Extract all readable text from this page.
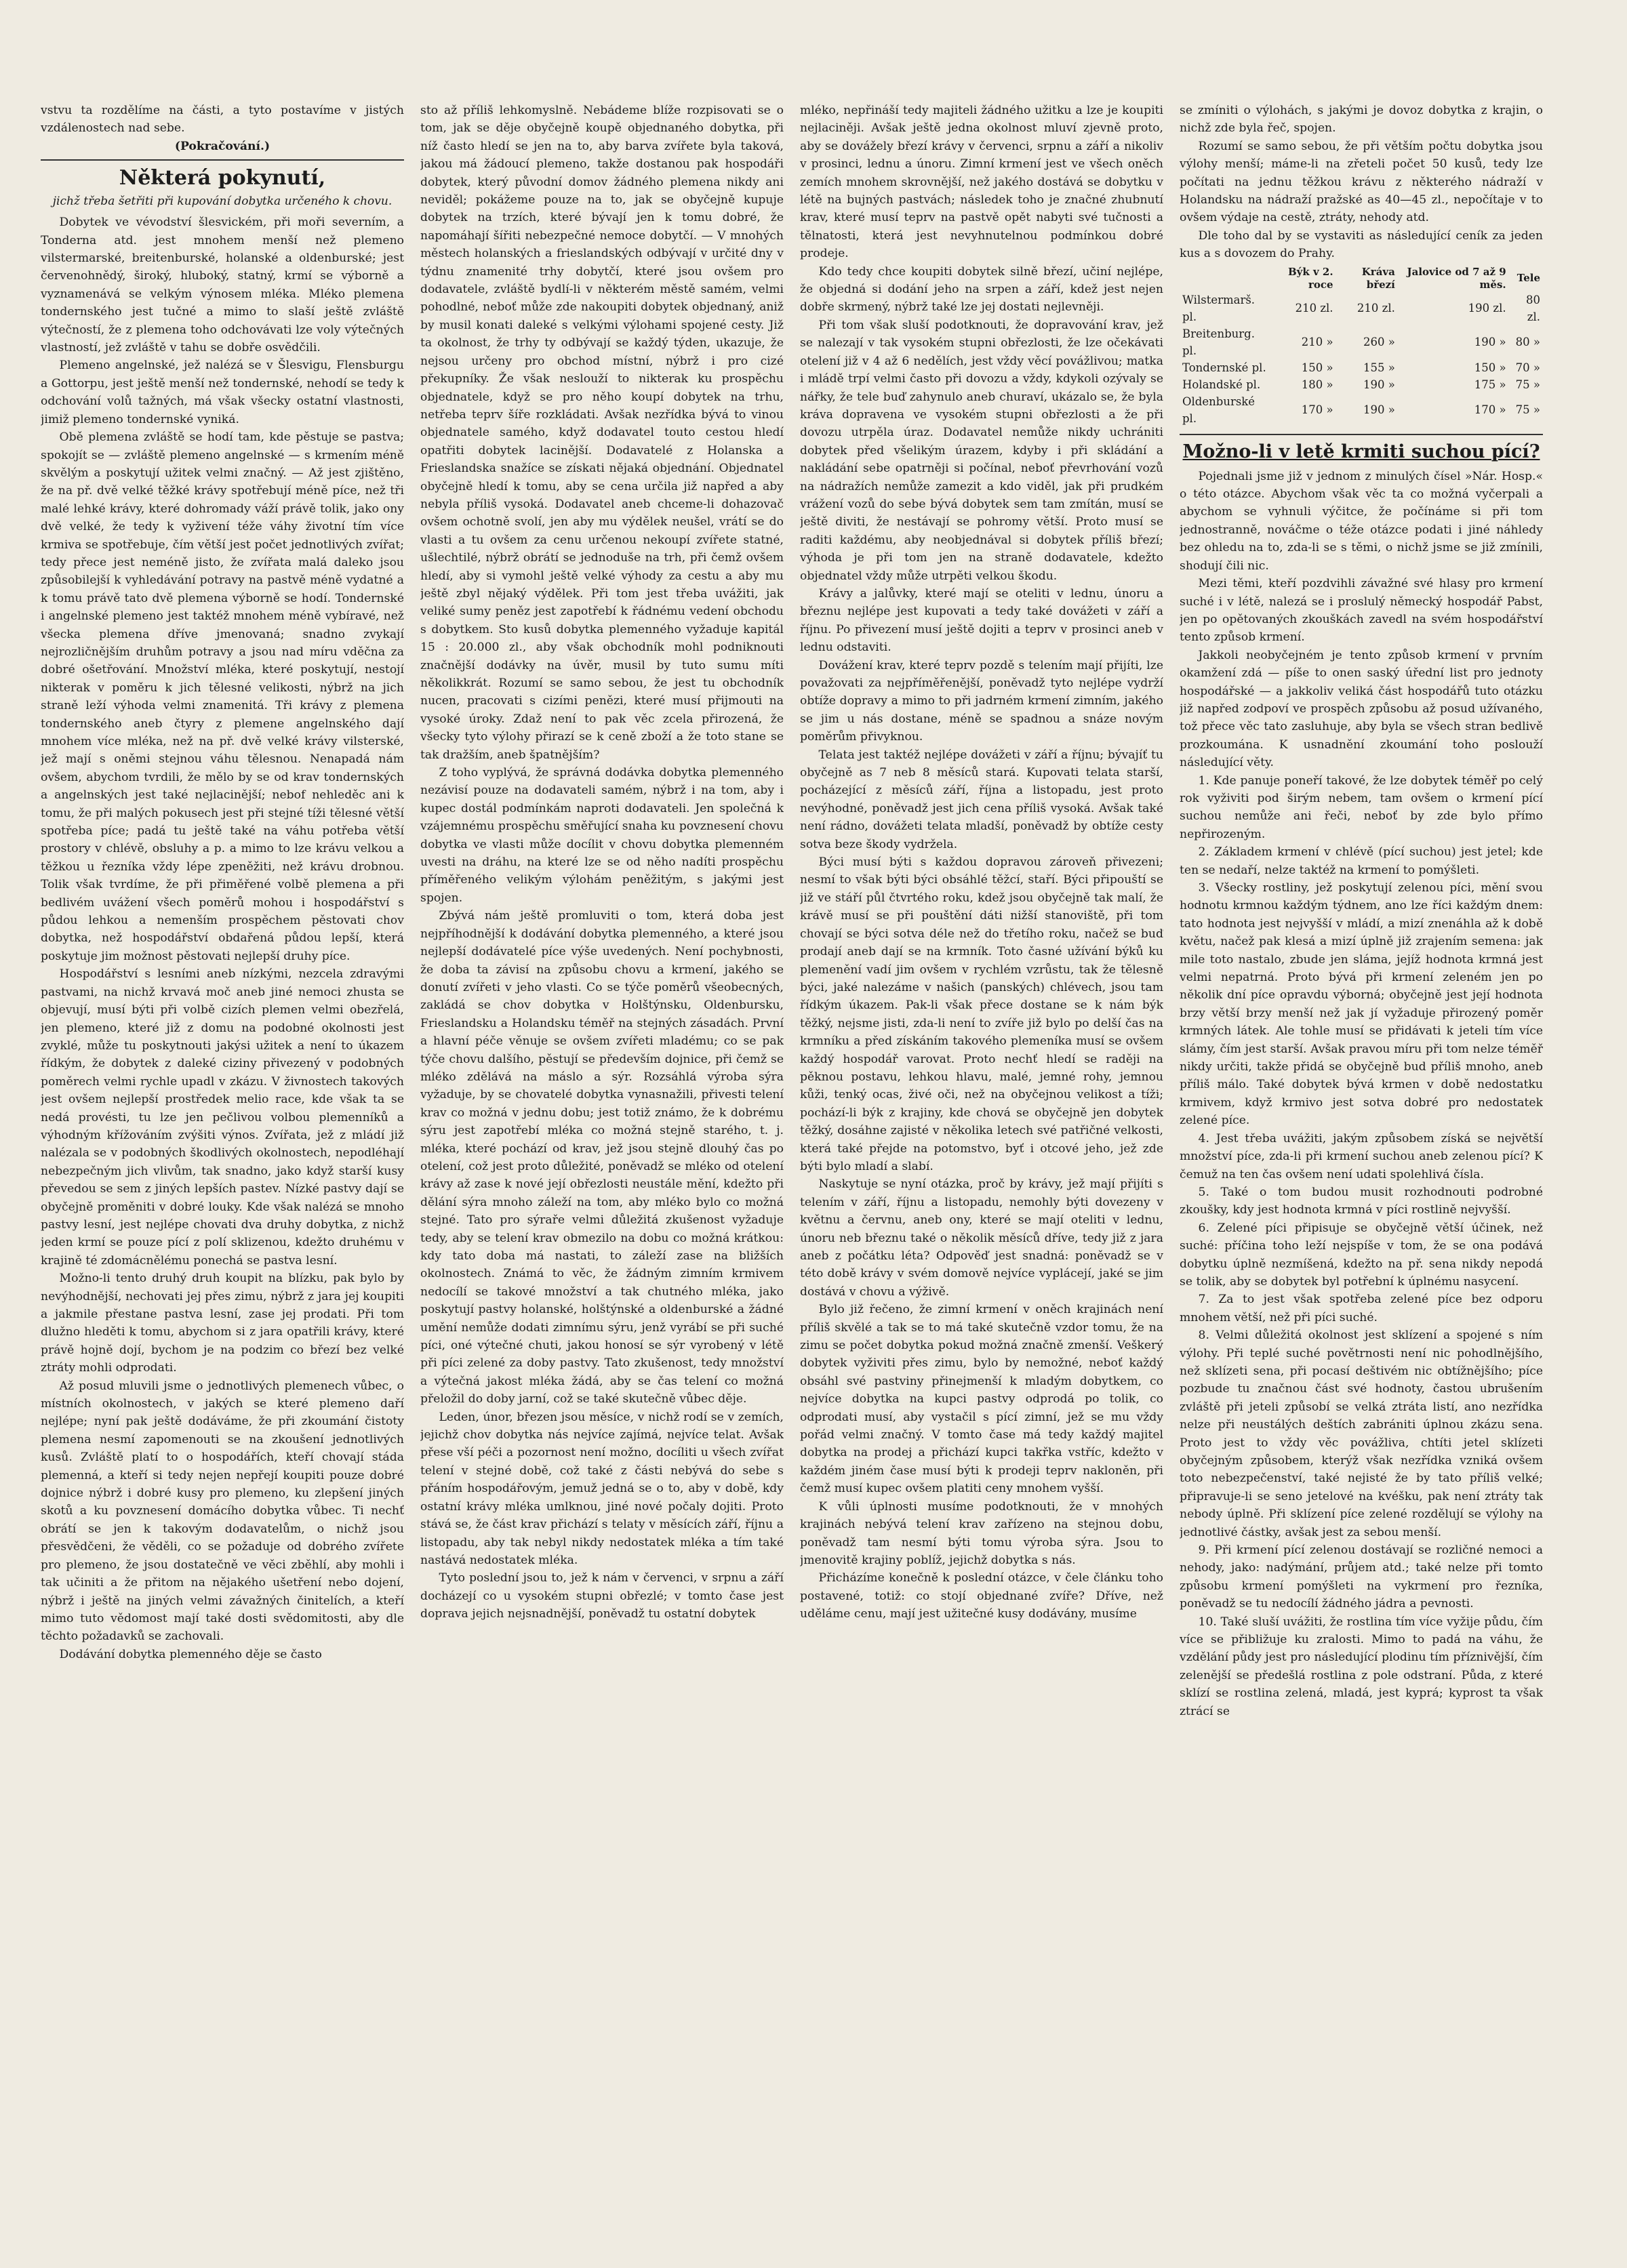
vstvu ta rozdělíme na části, a tyto postavíme v jistých vzdálenostech nad sebe.

(Pokračování.)
Některá pokynutí,
jichž třeba šetřiti při kupování dobytka určeného k chovu.

Dobytek ve vévodství šlesvickém, při moři severním, a Tonderna atd. jest mnohem menší než plemeno vilstermarské, breitenburské, holanské a oldenburské; jest červenohnědý, široký, hluboký, statný, krmí se výborně a vyznamenává se velkým výnosem mléka. Mléko plemena tondernského jest tučné a mimo to slaší ještě zvláště výtečností, že z plemena toho odchovávati lze voly výtečných vlastností, jež zvláště v tahu se dobře osvědčili.

Plemeno angelnské, jež nalézá se v Šlesvigu, Flensburgu a Gottorpu, jest ještě menší než tondernské, nehodí se tedy k odchování volů tažných, má však všecky ostatní vlastnosti, jimiž plemeno tondernské vyniká.

Obě plemena zvláště se hodí tam, kde pěstuje se pastva; spokojít se — zvláště plemeno angelnské — s krmením méně skvělým a poskytují užitek velmi značný. — Až jest zjištěno, že na př. dvě velké těžké krávy spotřebují méně píce, než tři malé lehké krávy, které dohromady váží právě tolik, jako ony dvě velké, že tedy k vyživení téže váhy životní tím více krmiva se spotřebuje, čím větší jest počet jednotlivých zvířat; tedy přece jest neméně jisto, že zvířata malá daleko jsou způsobilejší k vyhledávání potravy na pastvě méně vydatné a k tomu právě tato dvě plemena výborně se hodí. Tondernské i angelnské plemeno jest taktéž mnohem méně vybíravé, než všecka plemena dříve jmenovaná; snadno zvykají nejrozličnějším druhům potravy a jsou nad míru vděčna za dobré ošetřování. Množství mléka, které poskytují, nestojí nikterak v poměru k jich tělesné velikosti, nýbrž na jich straně leží výhoda velmi znamenitá. Tři krávy z plemena tondernského aneb čtyry z plemene angelnského dají mnohem více mléka, než na př. dvě velké krávy vilsterské, jež mají s oněmi stejnou váhu tělesnou. Nenapadá nám ovšem, abychom tvrdili, že mělo by se od krav tondernských a angelnských jest také nejlacinější; nebof nehleděc ani k tomu, že při malých pokusech jest při stejné tíži tělesné větší spotřeba píce; padá tu ještě také na váhu potřeba větší prostory v chlévě, obsluhy a p. a mimo to lze krávu velkou a těžkou u řezníka vždy lépe zpeněžiti, než krávu drobnou. Tolik však tvrdíme, že při přiměřené volbě plemena a při bedlivém uvážení všech poměrů mohou i hospodářství s půdou lehkou a nemenším prospěchem pěstovati chov dobytka, než hospodářství obdařená půdou lepší, která poskytuje jim možnost pěstovati nejlepší druhy píce.

Hospodářství s lesními aneb nízkými, nezcela zdravými pastvami, na nichž krvavá moč aneb jiné nemoci zhusta se objevují, musí býti při volbě cizích plemen velmi obezřelá, jen plemeno, které již z domu na podobné okolnosti jest zvyklé, může tu poskytnouti jakýsi užitek a není to úkazem řídkým, že dobytek z daleké ciziny přivezený v podobných poměrech velmi rychle upadl v zkázu. V živnostech takových jest ovšem nejlepší prostředek melio race, kde však ta se nedá provésti, tu lze jen pečlivou volbou plemenníků a výhodným křížováním zvýšiti výnos. Zvířata, jež z mládí již nalézala se v podobných škodlivých okolnostech, nepodléhají nebezpečným jich vlivům, tak snadno, jako když starší kusy převedou se sem z jiných lepších pastev. Nízké pastvy dají se obyčejně proměniti v dobré louky. Kde však nalézá se mnoho pastvy lesní, jest nejlépe chovati dva druhy dobytka, z nichž jeden krmí se pouze pící z polí sklizenou, kdežto druhému v krajině té zdomácnělému ponechá se pastva lesní.

Možno-li tento druhý druh koupit na blízku, pak bylo by nevýhodnější, nechovati jej přes zimu, nýbrž z jara jej koupiti a jakmile přestane pastva lesní, zase jej prodati. Při tom dlužno hleděti k tomu, abychom si z jara opatřili krávy, které právě hojně dojí, bychom je na podzim co březí bez velké ztráty mohli odprodati.

Až posud mluvili jsme o jednotlivých plemenech vůbec, o místních okolnostech, v jakých se které plemeno daří nejlépe; nyní pak ještě dodáváme, že při zkoumání čistoty plemena nesmí zapomenouti se na zkoušení jednotlivých kusů. Zvláště platí to o hospodářích, kteří chovají stáda plemenná, a kteří si tedy nejen nepřejí koupiti pouze dobré dojnice nýbrž i dobré kusy pro plemeno, ku zlepšení jiných skotů a ku povznesení domácího dobytka vůbec. Ti nechť obrátí se jen k takovým dodavatelům, o nichž jsou přesvědčeni, že věděli, co se požaduje od dobrého zvířete pro plemeno, že jsou dostatečně ve věci zběhlí, aby mohli i tak učiniti a že přitom na nějakého ušetření nebo dojení, nýbrž i ještě na jiných velmi závažných činitelích, a kteří mimo tuto vědomost mají také dosti svědomitosti, aby dle těchto požadavků se zachovali.

Dodávání dobytka plemenného děje se často

sto až příliš lehkomyslně. Nebádeme blíže rozpisovati se o tom, jak se děje obyčejně koupě objednaného dobytka, při níž často hledí se jen na to, aby barva zvířete byla taková, jakou má žádoucí plemeno, takže dostanou pak hospodáři dobytek, který původní domov žádného plemena nikdy ani neviděl; pokážeme pouze na to, jak se obyčejně kupuje dobytek na trzích, které bývají jen k tomu dobré, že napomáhají šířiti nebezpečné nemoce dobytčí. — V mnohých městech holanských a frieslandských odbývají v určité dny v týdnu znamenité trhy dobytčí, které jsou ovšem pro dodavatele, zvláště bydlí-li v některém městě samém, velmi pohodlné, neboť může zde nakoupiti dobytek objednaný, aniž by musil konati daleké s velkými výlohami spojené cesty. Již ta okolnost, že trhy ty odbývají se každý týden, ukazuje, že nejsou určeny pro obchod místní, nýbrž i pro cizé překupníky. Že však neslouží to nikterak ku prospěchu objednatele, když se pro něho koupí dobytek na trhu, netřeba teprv šíře rozkládati. Avšak nezřídka bývá to vinou objednatele samého, když dodavatel touto cestou hledí opatřiti dobytek lacinější. Dodavatelé z Holanska a Frieslandska snažíce se získati nějaká objednání. Objednatel obyčejně hledí k tomu, aby se cena určila již napřed a aby nebyla příliš vysoká. Dodavatel aneb chceme-li dohazovač ovšem ochotně svolí, jen aby mu výdělek neušel, vrátí se do vlasti a tu ovšem za cenu určenou nekoupí zvířete statné, ušlechtilé, nýbrž obrátí se jednoduše na trh, při čemž ovšem hledí, aby si vymohl ještě velké výhody za cestu a aby mu ještě zbyl nějaký výdělek. Při tom jest třeba uvážiti, jak veliké sumy peněz jest zapotřebí k řádnému vedení obchodu s dobytkem. Sto kusů dobytka plemenného vyžaduje kapitál 15 : 20.000 zl., aby však obchodník mohl podniknouti značnější dodávky na úvěr, musil by tuto sumu míti několikkrát. Rozumí se samo sebou, že jest tu obchodník nucen, pracovati s cizími penězi, které musí přijmouti na vysoké úroky. Zdaž není to pak věc zcela přirozená, že všecky tyto výlohy přirazí se k ceně zboží a že toto stane se tak dražším, aneb špatnějším?

Z toho vyplývá, že správná dodávka dobytka plemenného nezávisí pouze na dodavateli samém, nýbrž i na tom, aby i kupec dostál podmínkám naproti dodavateli. Jen společná k vzájemnému prospěchu směřující snaha ku povznesení chovu dobytka ve vlasti může docílit v chovu dobytka plemenném uvesti na dráhu, na které lze se od něho nadíti prospěchu příměřeného velikým výlohám peněžitým, s jakými jest spojen.

Zbývá nám ještě promluviti o tom, která doba jest nejpříhodnější k dodávání dobytka plemenného, a které jsou nejlepší dodávatelé píce výše uvedených. Není pochybnosti, že doba ta závisí na způsobu chovu a krmení, jakého se donutí zvířeti v jeho vlasti. Co se týče poměrů všeobecných, zakládá se chov dobytka v Holštýnsku, Oldenbursku, Frieslandsku a Holandsku téměř na stejných zásadách. První a hlavní péče věnuje se ovšem zvířeti mladému; co se pak týče chovu dalšího, pěstují se především dojnice, při čemž se mléko zdělává na máslo a sýr. Rozsáhlá výroba sýra vyžaduje, by se chovatelé dobytka vynasnažili, přivesti telení krav co možná v jednu dobu; jest totiž známo, že k dobrému sýru jest zapotřebí mléka co možná stejně starého, t. j. mléka, které pochází od krav, jež jsou stejně dlouhý čas po otelení, což jest proto důležité, poněvadž se mléko od otelení krávy až zase k nové její obřezlosti neustále mění, kdežto při dělání sýra mnoho záleží na tom, aby mléko bylo co možná stejné. Tato pro sýraře velmi důležitá zkušenost vyžaduje tedy, aby se telení krav obmezilo na dobu co možná krátkou: kdy tato doba má nastati, to záleží zase na bližších okolnostech. Známá to věc, že žádným zimním krmivem nedocílí se takové množství a tak chutného mléka, jako poskytují pastvy holanské, holštýnské a oldenburské a žádné umění nemůže dodati zimnímu sýru, jenž vyrábí se při suché píci, oné výtečné chuti, jakou honosí se sýr vyrobený v létě při píci zelené za doby pastvy. Tato zkušenost, tedy množství a výtečná jakost mléka žádá, aby se čas telení co možná přeložil do doby jarní, což se také skutečně vůbec děje.

Leden, únor, březen jsou měsíce, v nichž rodí se v zemích, jejichž chov dobytka nás nejvíce zajímá, nejvíce telat. Avšak přese vší péči a pozornost není možno, docíliti u všech zvířat telení v stejné době, což také z části nebývá do sebe s přáním hospodářovým, jemuž jedná se o to, aby v době, kdy ostatní krávy mléka umlknou, jiné nové počaly dojiti. Proto stává se, že část krav přichází s telaty v měsících září, říjnu a listopadu, aby tak nebyl nikdy nedostatek mléka a tím také nastává nedostatek mléka.

Tyto poslední jsou to, jež k nám v červenci, v srpnu a září docházejí co u vysokém stupni obřezlé; v tomto čase jest doprava jejich nejsnadnější, poněvadž tu ostatní dobytek

mléko, nepřináší tedy majiteli žádného užitku a lze je koupiti nejlaciněji. Avšak ještě jedna okolnost mluví zjevně proto, aby se dovážely březí krávy v červenci, srpnu a září a nikoliv v prosinci, lednu a únoru. Zimní krmení jest ve všech oněch zemích mnohem skrovnější, než jakého dostává se dobytku v létě na bujných pastvách; následek toho je značné zhubnutí krav, které musí teprv na pastvě opět nabyti své tučnosti a tělnatosti, která jest nevyhnutelnou podmínkou dobré prodeje.

Kdo tedy chce koupiti dobytek silně březí, učiní nejlépe, že objedná si dodání jeho na srpen a září, kdež jest nejen dobře skrmený, nýbrž také lze jej dostati nejlevněji.

Při tom však sluší podotknouti, že dopravování krav, jež se nalezají v tak vysokém stupni obřezlosti, že lze očekávati otelení již v 4 až 6 nedělích, jest vždy věcí povážlivou; matka i mládě trpí velmi často při dovozu a vždy, kdykoli ozývaly se nářky, že tele buď zahynulo aneb churaví, ukázalo se, že byla kráva dopravena ve vysokém stupni obřezlosti a že při dovozu utrpěla úraz. Dodavatel nemůže nikdy uchrániti dobytek před všelikým úrazem, kdyby i při skládání a nakládání sebe opatrněji si počínal, neboť převrhování vozů na nádražích nemůže zamezit a kdo viděl, jak při prudkém vrážení vozů do sebe bývá dobytek sem tam zmítán, musí se ještě diviti, že nestávají se pohromy větší. Proto musí se raditi každému, aby neobjednával si dobytek příliš březí; výhoda je při tom jen na straně dodavatele, kdežto objednatel vždy může utrpěti velkou škodu.

Krávy a jalůvky, které mají se oteliti v lednu, únoru a březnu nejlépe jest kupovati a tedy také dovážeti v září a říjnu. Po přivezení musí ještě dojiti a teprv v prosinci aneb v lednu odstaviti.

Dovážení krav, které teprv pozdě s telením mají přijíti, lze považovati za nejpříměřenější, poněvadž tyto nejlépe vydrží obtíže dopravy a mimo to při jadrném krmení zimním, jakého se jim u nás dostane, méně se spadnou a snáze novým poměrům přivyknou.

Telata jest taktéž nejlépe dovážeti v září a říjnu; bývajíť tu obyčejně as 7 neb 8 měsíců stará. Kupovati telata starší, pocházející z měsíců září, října a listopadu, jest proto nevýhodné, poněvadž jest jich cena příliš vysoká. Avšak také není rádno, dovážeti telata mladší, poněvadž by obtíže cesty sotva beze škody vydržela.

Býci musí býti s každou dopravou zároveň přivezeni; nesmí to však býti býci obsáhlé těžcí, staří. Býci připouští se již ve stáří půl čtvrtého roku, kdež jsou obyčejně tak malí, že krávě musí se při pouštění dáti nižší stanoviště, při tom chovají se býci sotva déle než do třetího roku, načež se buď prodají aneb dají se na krmník. Toto časné užívání býků ku plemenění vadí jim ovšem v rychlém vzrůstu, tak že tělesně býci, jaké nalezáme v našich (panských) chlévech, jsou tam řídkým úkazem. Pak-li však přece dostane se k nám býk těžký, nejsme jisti, zda-li není to zvíře již bylo po delší čas na krmníku a před získáním takového plemeníka musí se ovšem každý hospodář varovat. Proto nechť hledí se raději na pěknou postavu, lehkou hlavu, malé, jemné rohy, jemnou kůži, tenký ocas, živé oči, než na obyčejnou velikost a tíži; pochází-li býk z krajiny, kde chová se obyčejně jen dobytek těžký, dosáhne zajisté v několika letech své patřičné velkosti, která také přejde na potomstvo, byť i otcové jeho, jež zde býti bylo mladí a slabí.

Naskytuje se nyní otázka, proč by krávy, jež mají přijíti s telením v září, říjnu a listopadu, nemohly býti dovezeny v květnu a červnu, aneb ony, které se mají oteliti v lednu, únoru neb březnu také o několik měsíců dříve, tedy již z jara aneb z počátku léta? Odpověď jest snadná: poněvadž se v této době krávy v svém domově nejvíce vyplácejí, jaké se jim dostává v chovu a výživě.

Bylo již řečeno, že zimní krmení v oněch krajinách není příliš skvělé a tak se to má také skutečně vzdor tomu, že na zimu se počet dobytka pokud možná značně zmenší. Veškerý dobytek vyživiti přes zimu, bylo by nemožné, neboť každý obsáhl své pastviny přinejmenší k mladým dobytkem, co nejvíce dobytka na kupci pastvy odprodá po tolik, co odprodati musí, aby vystačil s pící zimní, jež se mu vždy pořád velmi značný. V tomto čase má tedy každý majitel dobytka na prodej a přichází kupci takřka vstříc, kdežto v každém jiném čase musí býti k prodeji teprv nakloněn, při čemž musí kupec ovšem platiti ceny mnohem vyšší.

K vůli úplnosti musíme podotknouti, že v mnohých krajinách nebývá telení krav zařízeno na stejnou dobu, poněvadž tam nesmí býti tomu výroba sýra. Jsou to jmenovitě krajiny poblíž, jejichž dobytka s nás.

Přicházíme konečně k poslední otázce, v čele článku toho postavené, totiž: co stojí objednané zvíře? Dříve, než uděláme cenu, mají jest užitečné kusy dodávány, musíme

se zmíniti o výlohách, s jakými je dovoz dobytka z krajin, o nichž zde byla řeč, spojen.

Rozumí se samo sebou, že při větším počtu dobytka jsou výlohy menší; máme-li na zřeteli počet 50 kusů, tedy lze počítati na jednu těžkou krávu z některého nádraží v Holandsku na nádraží pražské as 40—45 zl., nepočítaje v to ovšem výdaje na cestě, ztráty, nehody atd.

Dle toho dal by se vystaviti as následující ceník za jeden kus a s dovozem do Prahy.

	Býk v 2. roce	Kráva březí	Jalovice od 7 až 9 měs.	Tele
Wilstermarš. pl.	210 zl.	210 zl.	190 zl.	80 zl.
Breitenburg. pl.	210 »	260 »	190 »	80 »
Tondernské pl.	150 »	155 »	150 »	70 »
Holandské pl.	180 »	190 »	175 »	75 »
Oldenburské pl.	170 »	190 »	170 »	75 »
Možno-li v letě krmiti suchou pící?

Pojednali jsme již v jednom z minulých čísel »Nár. Hosp.« o této otázce. Abychom však věc ta co možná vyčerpali a abychom se vyhnuli výčitce, že počínáme si při tom jednostranně, nováčme o téže otázce podati i jiné náhledy bez ohledu na to, zda-li se s těmi, o nichž jsme se již zmínili, shodují čili nic.

Mezi těmi, kteří pozdvihli závažné své hlasy pro krmení suché i v létě, nalezá se i proslulý německý hospodář Pabst, jen po opětovaných zkouškách zavedl na svém hospodářství tento způsob krmení.

Jakkoli neobyčejném je tento způsob krmení v prvním okamžení zdá — píše to onen saský úřední list pro jednoty hospodářské — a jakkoliv veliká část hospodářů tuto otázku již napřed zodpoví ve prospěch způsobu až posud užívaného, tož přece věc tato zasluhuje, aby byla se všech stran bedlivě prozkoumána. K usnadnění zkoumání toho poslouží následující věty.

1. Kde panuje poneří takové, že lze dobytek téměř po celý rok vyživiti pod širým nebem, tam ovšem o krmení pící suchou nemůže ani řeči, neboť by zde bylo přímo nepřirozeným.

2. Základem krmení v chlévě (pící suchou) jest jetel; kde ten se nedaří, nelze taktéž na krmení to pomýšleti.

3. Všecky rostliny, jež poskytují zelenou píci, mění svou hodnotu krmnou každým týdnem, ano lze říci každým dnem: tato hodnota jest nejvyšší v mládí, a mizí znenáhla až k době květu, načež pak klesá a mizí úplně již zrajením semena: jak mile toto nastalo, zbude jen sláma, jejíž hodnota krmná jest velmi nepatrná. Proto bývá při krmení zeleném jen po několik dní píce opravdu výborná; obyčejně jest její hodnota brzy větší brzy menší než jak jí vyžaduje přirozený poměr krmných látek. Ale tohle musí se přidávati k jeteli tím více slámy, čím jest starší. Avšak pravou míru při tom nelze téměř nikdy určiti, takže přidá se obyčejně bud příliš mnoho, aneb příliš málo. Také dobytek bývá krmen v době nedostatku krmivem, když krmivo jest sotva dobré pro nedostatek zelené píce.

4. Jest třeba uvážiti, jakým způsobem získá se největší množství píce, zda-li při krmení suchou aneb zelenou pící? K čemuž na ten čas ovšem není udati spolehlivá čísla.

5. Také o tom budou musit rozhodnouti podrobné zkoušky, kdy jest hodnota krmná v píci rostlině nejvyšší.

6. Zelené píci připisuje se obyčejně větší účinek, než suché: příčina toho leží nejspíše v tom, že se ona podává dobytku úplně nezmíšená, kdežto na př. sena nikdy nepodá se tolik, aby se dobytek byl potřební k úplnému nasycení.

7. Za to jest však spotřeba zelené píce bez odporu mnohem větší, než při píci suché.

8. Velmi důležitá okolnost jest sklízení a spojené s ním výlohy. Při teplé suché povětrnosti není nic pohodlnějšího, než sklízeti sena, při pocasí deštivém nic obtížnějšího; píce pozbude tu značnou část své hodnoty, častou ubrušením zvláště při jeteli způsobí se velká ztráta listí, ano nezřídka nelze při neustálých deštích zabrániti úplnou zkázu sena. Proto jest to vždy věc povážliva, chtíti jetel sklízeti obyčejným způsobem, kterýž však nezřídka vzniká ovšem toto nebezpečenství, také nejisté že by tato příliš velké; připravuje-li se seno jetelové na kvéšku, pak není ztráty tak nebody úplně. Při sklízení píce zelené rozdělují se výlohy na jednotlivé částky, avšak jest za sebou menší.

9. Při krmení pící zelenou dostávají se rozličné nemoci a nehody, jako: nadýmání, průjem atd.; také nelze při tomto způsobu krmení pomýšleti na vykrmení pro řezníka, poněvadž se tu nedocílí žádného jádra a pevnosti.

10. Také sluší uvážiti, že rostlina tím více vyžije půdu, čím více se přibližuje ku zralosti. Mimo to padá na váhu, že vzdělání půdy jest pro následující plodinu tím příznivější, čím zelenější se předešlá rostlina z pole odstraní. Půda, z které sklízí se rostlina zelená, mladá, jest kyprá; kyprost ta však ztrácí se
